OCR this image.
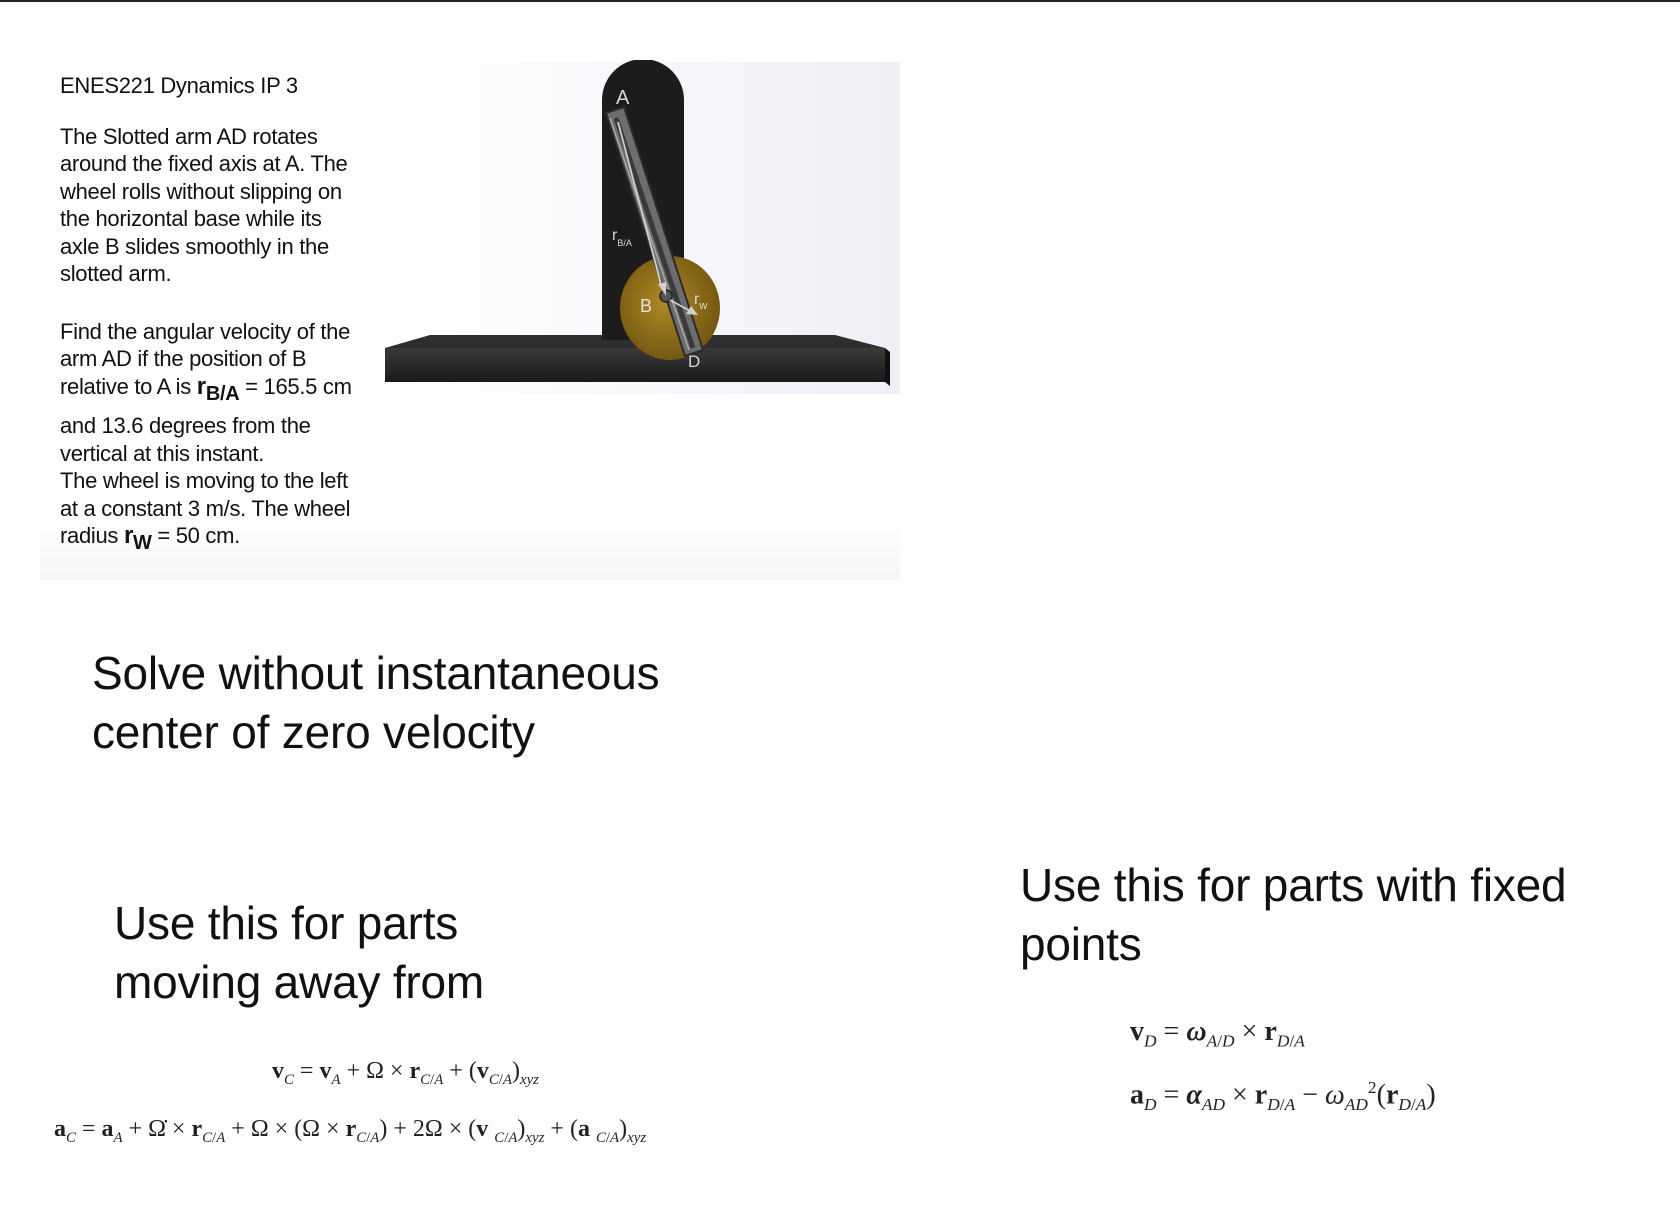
ENES221 Dynamics IP 3

The Slotted arm AD rotates

around the fixed axis at A. The

wheel rolls without slipping on

the horizontal base while its

axle B slides smoothly in the

slotted arm.

Find the angular velocity of the

arm AD if the position of B

relative to A is rB/A = 165.5 cm

and 13.6 degrees from the

vertical at this instant.

The wheel is moving to the left

at a constant 3 m/s. The wheel

radius rW = 50 cm.

A
$r_{B/A}$
B	$r_w$
D

Solve without instantaneous

center of zero velocity

Use this for parts

moving away from

Use this for parts with fixed

points

$v_C = v_A + \Omega \times r_{C/A} + (v_{C/A})_{xyz}$
$a_C = a_A$ + Ω̇ × $r_{C/A} + \Omega \times (\Omega \times r_{C/A}) + 2\Omega \times (v$ $_{C/A})_{xyz} + (a$ $_{C/A})_{xyz}$
$v_D = \omega_{A/D} \times r_{D/A}$
$a_D = \alpha_{AD} \times r_{D/A} - \omega_{AD}^2(r_{D/A})$
